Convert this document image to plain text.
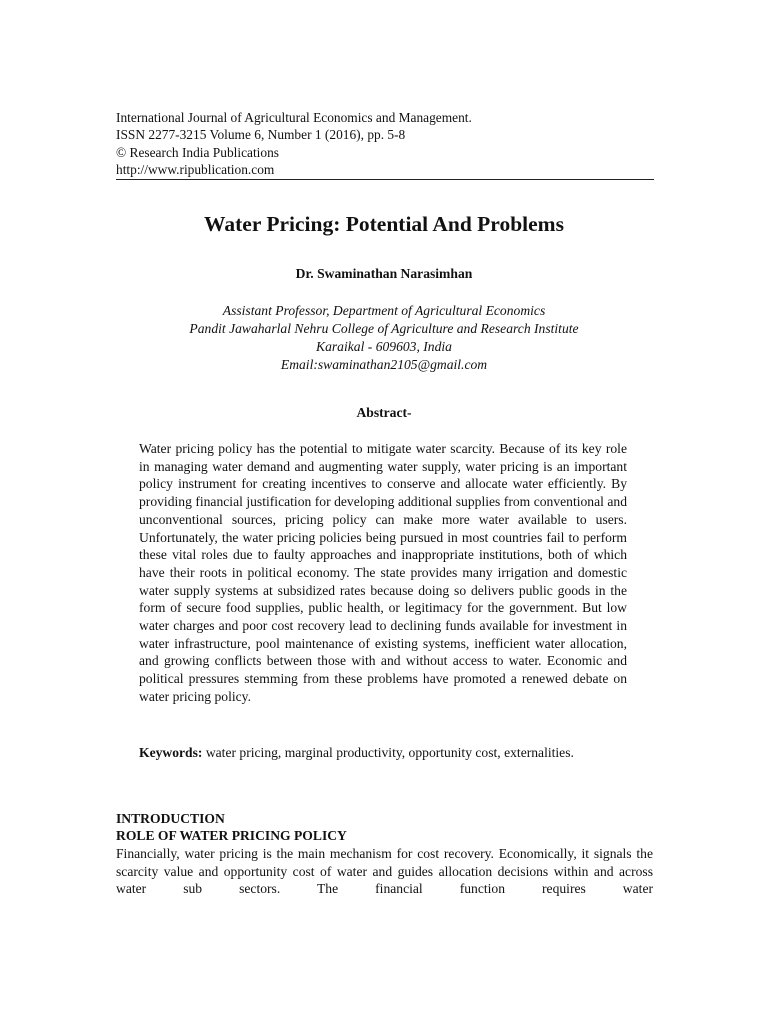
International Journal of Agricultural Economics and Management.
ISSN 2277-3215 Volume 6, Number 1 (2016), pp. 5-8
© Research India Publications
http://www.ripublication.com
Water Pricing: Potential And Problems
Dr. Swaminathan Narasimhan
Assistant Professor, Department of Agricultural Economics
Pandit Jawaharlal Nehru College of Agriculture and Research Institute
Karaikal - 609603, India
Email:swaminathan2105@gmail.com
Abstract-
Water pricing policy has the potential to mitigate water scarcity. Because of its key role in managing water demand and augmenting water supply, water pricing is an important policy instrument for creating incentives to conserve and allocate water efficiently. By providing financial justification for developing additional supplies from conventional and unconventional sources, pricing policy can make more water available to users. Unfortunately, the water pricing policies being pursued in most countries fail to perform these vital roles due to faulty approaches and inappropriate institutions, both of which have their roots in political economy. The state provides many irrigation and domestic water supply systems at subsidized rates because doing so delivers public goods in the form of secure food supplies, public health, or legitimacy for the government. But low water charges and poor cost recovery lead to declining funds available for investment in water infrastructure, pool maintenance of existing systems, inefficient water allocation, and growing conflicts between those with and without access to water. Economic and political pressures stemming from these problems have promoted a renewed debate on water pricing policy.
Keywords: water pricing, marginal productivity, opportunity cost, externalities.
INTRODUCTION
ROLE OF WATER PRICING POLICY
Financially, water pricing is the main mechanism for cost recovery. Economically, it signals the scarcity value and opportunity cost of water and guides allocation decisions within and across water sub sectors. The financial function requires water
